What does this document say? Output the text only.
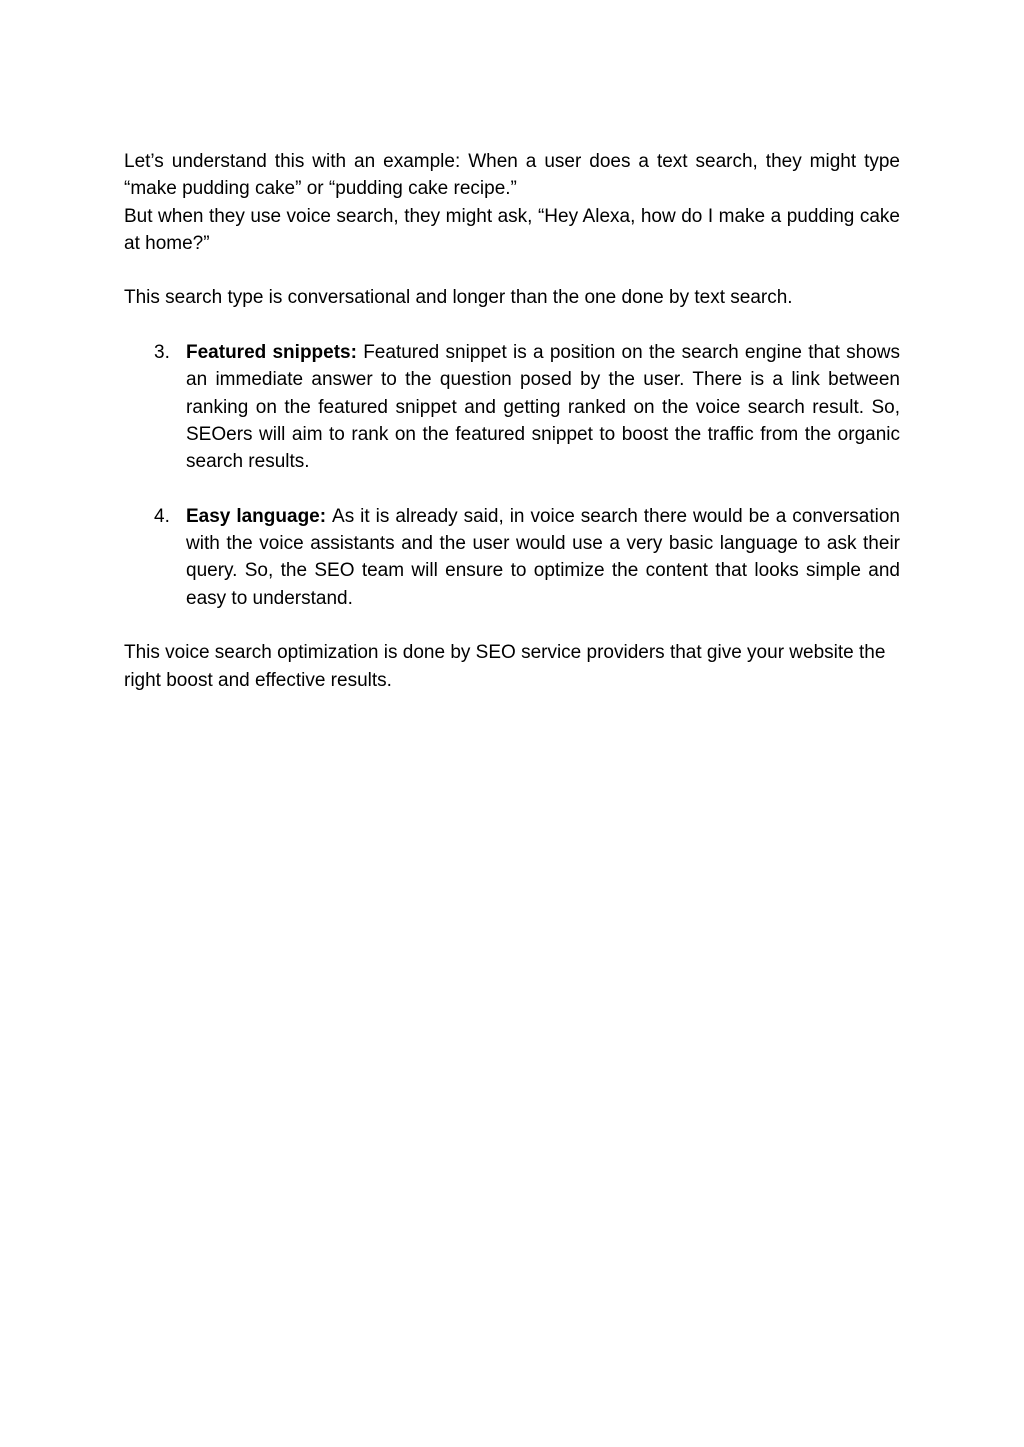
Let’s understand this with an example: When a user does a text search, they might type “make pudding cake” or “pudding cake recipe.”

But when they use voice search, they might ask, “Hey Alexa, how do I make a pudding cake at home?”

This search type is conversational and longer than the one done by text search.

3. Featured snippets: Featured snippet is a position on the search engine that shows an immediate answer to the question posed by the user. There is a link between ranking on the featured snippet and getting ranked on the voice search result. So, SEOers will aim to rank on the featured snippet to boost the traffic from the organic search results.
4. Easy language: As it is already said, in voice search there would be a conversation with the voice assistants and the user would use a very basic language to ask their query. So, the SEO team will ensure to optimize the content that looks simple and easy to understand.

This voice search optimization is done by SEO service providers that give your website the right boost and effective results.
